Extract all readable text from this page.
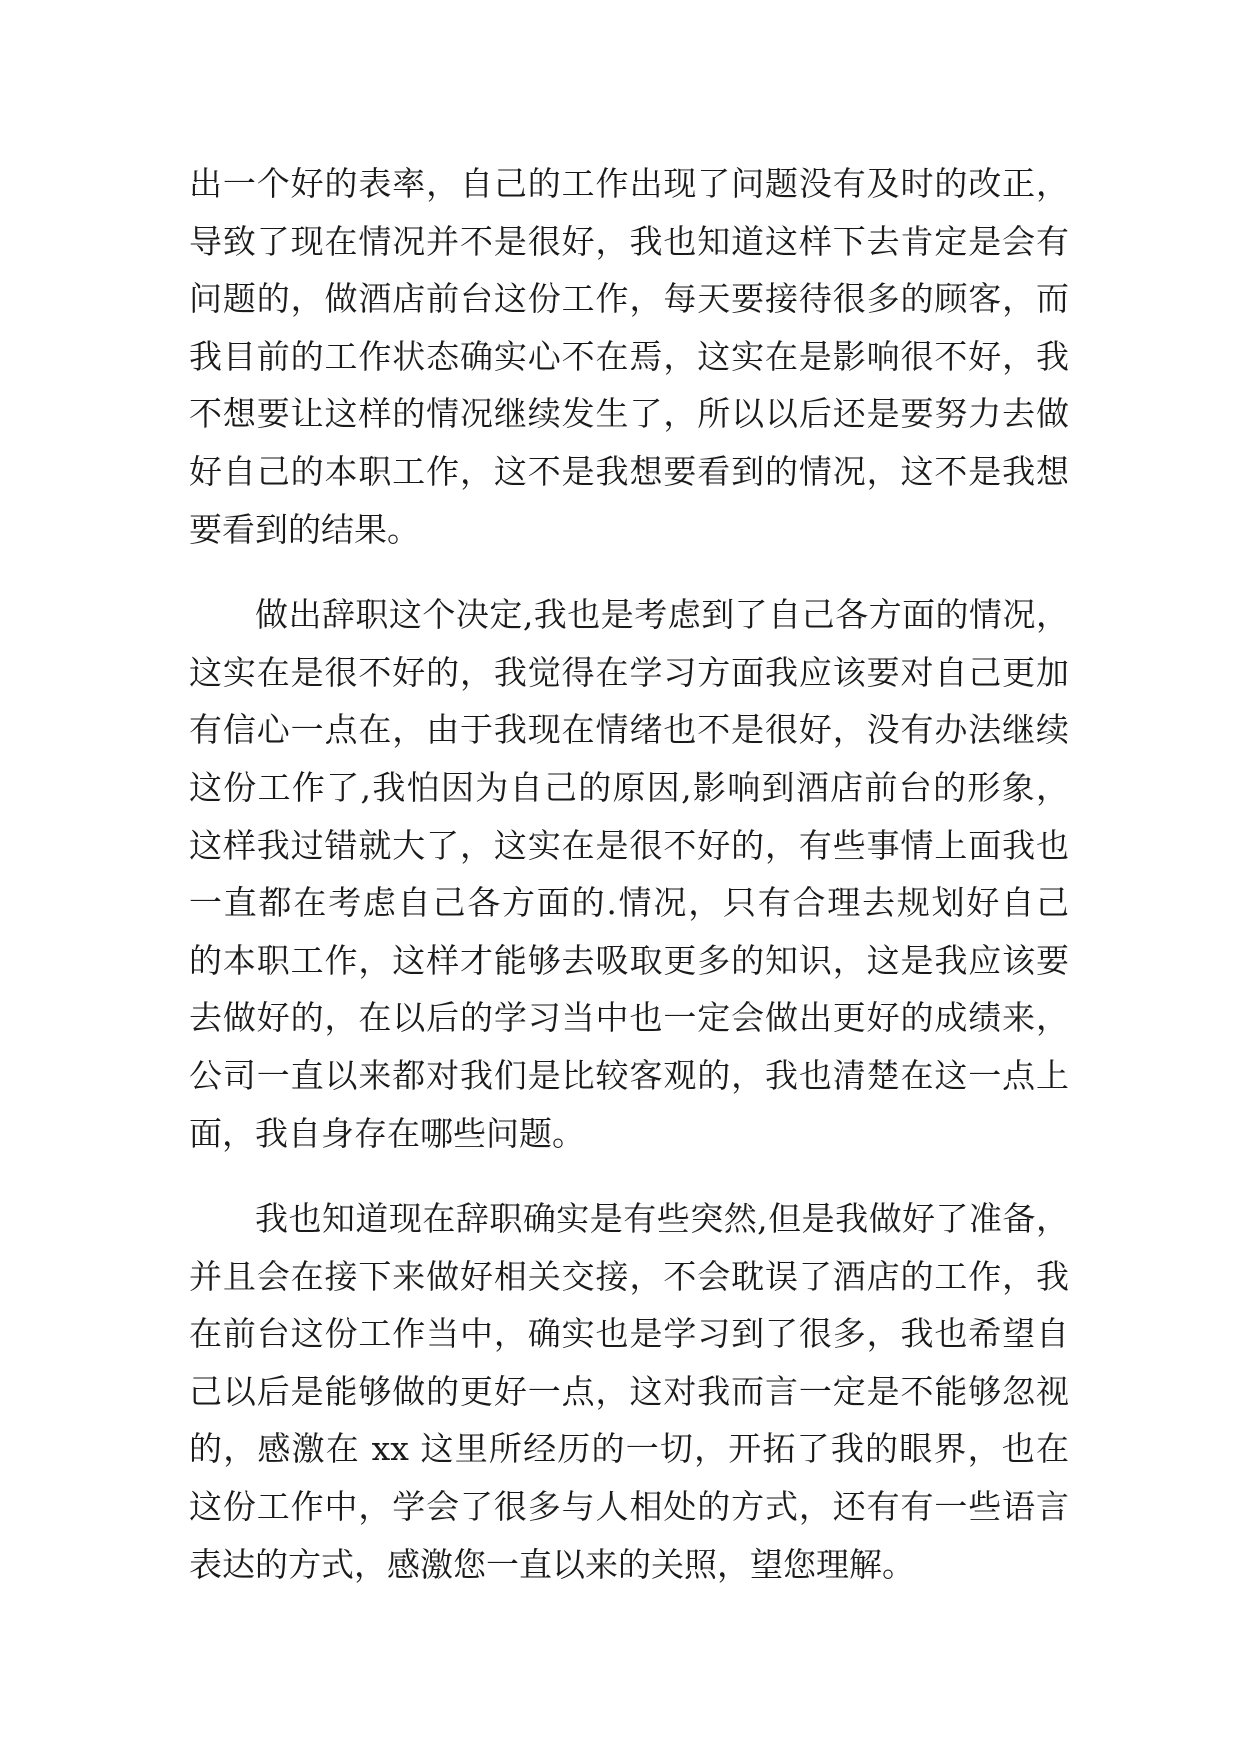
出一个好的表率，自己的工作出现了问题没有及时的改正，
导致了现在情况并不是很好，我也知道这样下去肯定是会有
问题的，做酒店前台这份工作，每天要接待很多的顾客，而
我目前的工作状态确实心不在焉，这实在是影响很不好，我
不想要让这样的情况继续发生了，所以以后还是要努力去做
好自己的本职工作，这不是我想要看到的情况，这不是我想
要看到的结果。
做出辞职这个决定,我也是考虑到了自己各方面的情况，
这实在是很不好的，我觉得在学习方面我应该要对自己更加
有信心一点在，由于我现在情绪也不是很好，没有办法继续
这份工作了,我怕因为自己的原因,影响到酒店前台的形象，
这样我过错就大了，这实在是很不好的，有些事情上面我也
一直都在考虑自己各方面的.情况，只有合理去规划好自己
的本职工作，这样才能够去吸取更多的知识，这是我应该要
去做好的，在以后的学习当中也一定会做出更好的成绩来，
公司一直以来都对我们是比较客观的，我也清楚在这一点上
面，我自身存在哪些问题。
我也知道现在辞职确实是有些突然,但是我做好了准备，
并且会在接下来做好相关交接，不会耽误了酒店的工作，我
在前台这份工作当中，确实也是学习到了很多，我也希望自
己以后是能够做的更好一点，这对我而言一定是不能够忽视
的，感激在 xx 这里所经历的一切，开拓了我的眼界，也在
这份工作中，学会了很多与人相处的方式，还有有一些语言
表达的方式，感激您一直以来的关照，望您理解。
